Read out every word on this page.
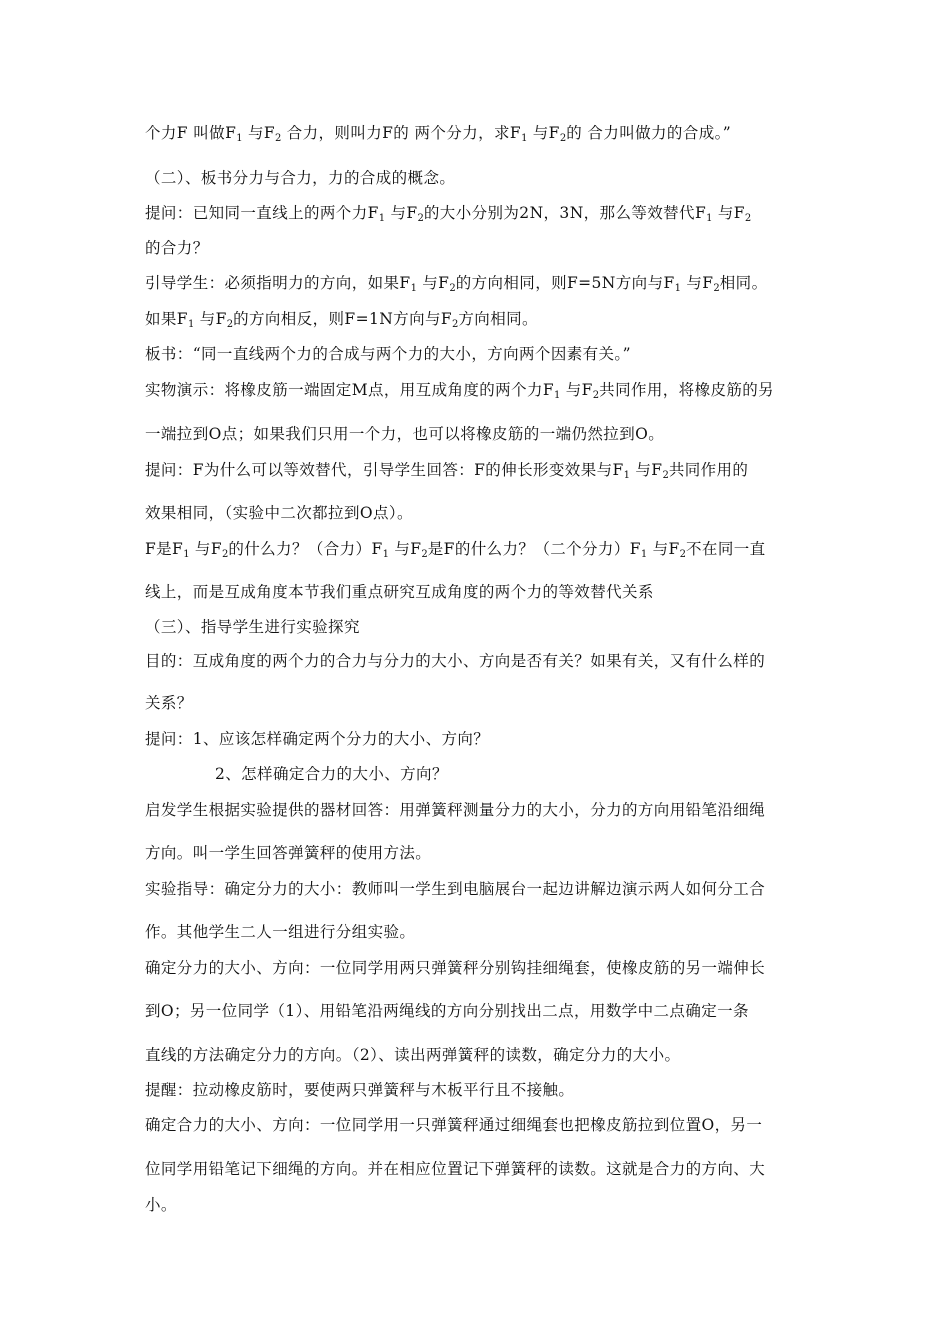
个力F 叫做F1 与F2 合力，则叫力F的 两个分力，求F1 与F2的 合力叫做力的合成。”
（二）、板书分力与合力，力的合成的概念。
提问：已知同一直线上的两个力F1 与F2的大小分别为2N，3N，那么等效替代F1 与F2
的合力？
引导学生：必须指明力的方向，如果F1 与F2的方向相同，则F=5N方向与F1 与F2相同。
如果F1 与F2的方向相反，则F=1N方向与F2方向相同。
板书：“同一直线两个力的合成与两个力的大小，方向两个因素有关。”
实物演示：将橡皮筋一端固定M点，用互成角度的两个力F1 与F2共同作用，将橡皮筋的另
一端拉到O点；如果我们只用一个力，也可以将橡皮筋的一端仍然拉到O。
提问：F为什么可以等效替代，引导学生回答：F的伸长形变效果与F1 与F2共同作用的
效果相同，（实验中二次都拉到O点）。
F是F1 与F2的什么力？（合力）F1 与F2是F的什么力？（二个分力）F1 与F2不在同一直
线上，而是互成角度本节我们重点研究互成角度的两个力的等效替代关系
（三）、指导学生进行实验探究
目的：互成角度的两个力的合力与分力的大小、方向是否有关？如果有关，又有什么样的
关系？
提问：1、应该怎样确定两个分力的大小、方向？
2、怎样确定合力的大小、方向？
启发学生根据实验提供的器材回答：用弹簧秤测量分力的大小，分力的方向用铅笔沿细绳
方向。叫一学生回答弹簧秤的使用方法。
实验指导：确定分力的大小：教师叫一学生到电脑展台一起边讲解边演示两人如何分工合
作。其他学生二人一组进行分组实验。
确定分力的大小、方向：一位同学用两只弹簧秤分别钩挂细绳套，使橡皮筋的另一端伸长
到O；另一位同学（1）、用铅笔沿两绳线的方向分别找出二点，用数学中二点确定一条
直线的方法确定分力的方向。（2）、读出两弹簧秤的读数，确定分力的大小。
提醒：拉动橡皮筋时，要使两只弹簧秤与木板平行且不接触。
确定合力的大小、方向：一位同学用一只弹簧秤通过细绳套也把橡皮筋拉到位置O，另一
位同学用铅笔记下细绳的方向。并在相应位置记下弹簧秤的读数。这就是合力的方向、大
小。
